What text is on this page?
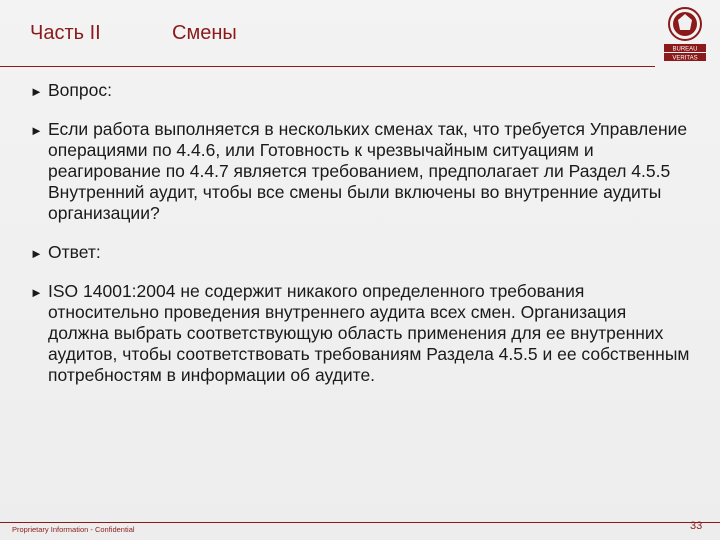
Часть II	Смены
BUREAU
VERITAS
► Вопрос:
► Если работа выполняется в нескольких сменах так, что требуется Управление операциями по 4.4.6, или Готовность к чрезвычайным ситуациям и реагирование по 4.4.7 является требованием, предполагает ли Раздел 4.5.5 Внутренний аудит, чтобы все смены были включены во внутренние аудиты организации?
► Ответ:
► ISO 14001:2004 не содержит никакого определенного требования относительно проведения внутреннего аудита всех смен. Организация должна выбрать соответствующую область применения для ее внутренних аудитов, чтобы соответствовать требованиям Раздела 4.5.5 и ее собственным потребностям в информации об аудите.
Proprietary Information - Confidential	33
